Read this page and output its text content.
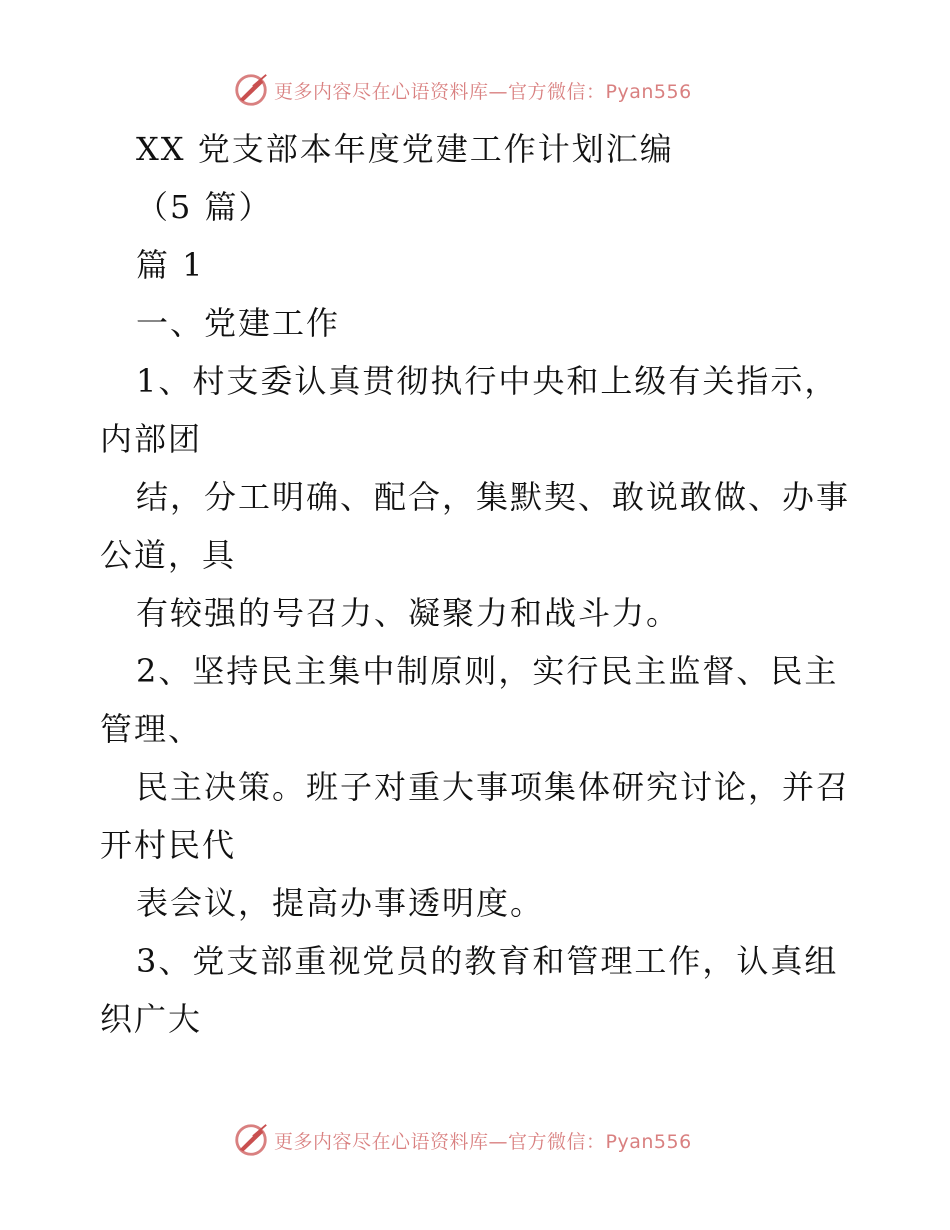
更多内容尽在心语资料库—官方微信：Pyan556
XX 党支部本年度党建工作计划汇编
（5 篇）
篇 1
一、党建工作
1、村支委认真贯彻执行中央和上级有关指示，
内部团
结，分工明确、配合，集默契、敢说敢做、办事
公道，具
有较强的号召力、凝聚力和战斗力。
2、坚持民主集中制原则，实行民主监督、民主
管理、
民主决策。班子对重大事项集体研究讨论，并召
开村民代
表会议，提高办事透明度。
3、党支部重视党员的教育和管理工作，认真组
织广大
更多内容尽在心语资料库—官方微信：Pyan556
